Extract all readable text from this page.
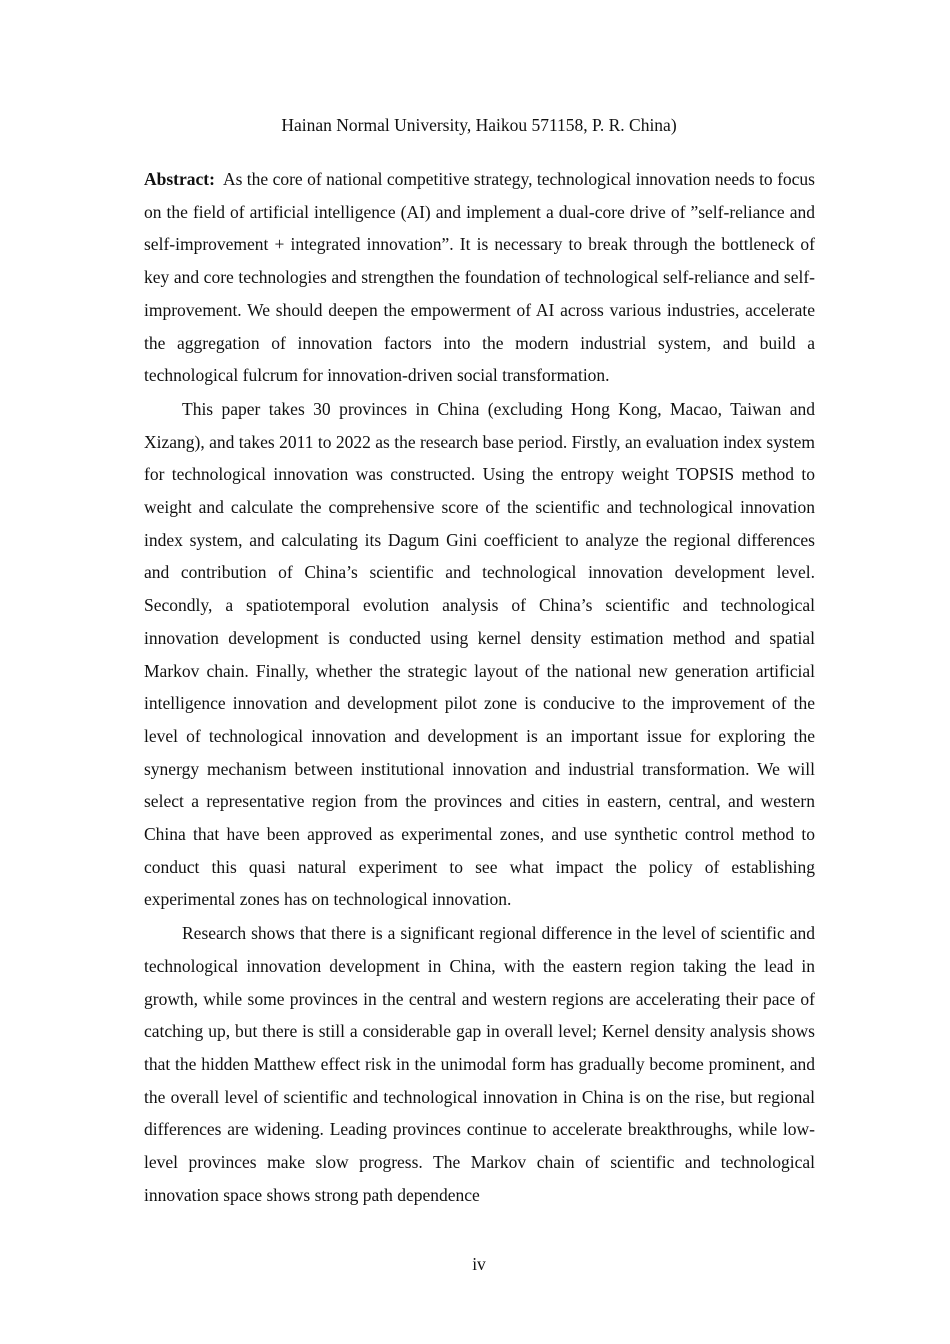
Hainan Normal University, Haikou 571158, P. R. China)

Abstract: As the core of national competitive strategy, technological innovation needs to focus on the field of artificial intelligence (AI) and implement a dual-core drive of ”self-reliance and self-improvement + integrated innovation”. It is necessary to break through the bottleneck of key and core technologies and strengthen the foundation of technological self-reliance and self-improvement. We should deepen the empowerment of AI across various industries, accelerate the aggregation of innovation factors into the modern industrial system, and build a technological fulcrum for innovation-driven social transformation.

This paper takes 30 provinces in China (excluding Hong Kong, Macao, Taiwan and Xizang), and takes 2011 to 2022 as the research base period. Firstly, an evaluation index system for technological innovation was constructed. Using the entropy weight TOPSIS method to weight and calculate the comprehensive score of the scientific and technological innovation index system, and calculating its Dagum Gini coefficient to analyze the regional differences and contribution of China’s scientific and technological innovation development level. Secondly, a spatiotemporal evolution analysis of China’s scientific and technological innovation development is conducted using kernel density estimation method and spatial Markov chain. Finally, whether the strategic layout of the national new generation artificial intelligence innovation and development pilot zone is conducive to the improvement of the level of technological innovation and development is an important issue for exploring the synergy mechanism between institutional innovation and industrial transformation. We will select a representative region from the provinces and cities in eastern, central, and western China that have been approved as experimental zones, and use synthetic control method to conduct this quasi natural experiment to see what impact the policy of establishing experimental zones has on technological innovation.

Research shows that there is a significant regional difference in the level of scientific and technological innovation development in China, with the eastern region taking the lead in growth, while some provinces in the central and western regions are accelerating their pace of catching up, but there is still a considerable gap in overall level; Kernel density analysis shows that the hidden Matthew effect risk in the unimodal form has gradually become prominent, and the overall level of scientific and technological innovation in China is on the rise, but regional differences are widening. Leading provinces continue to accelerate breakthroughs, while low-level provinces make slow progress. The Markov chain of scientific and technological innovation space shows strong path dependence

iv
